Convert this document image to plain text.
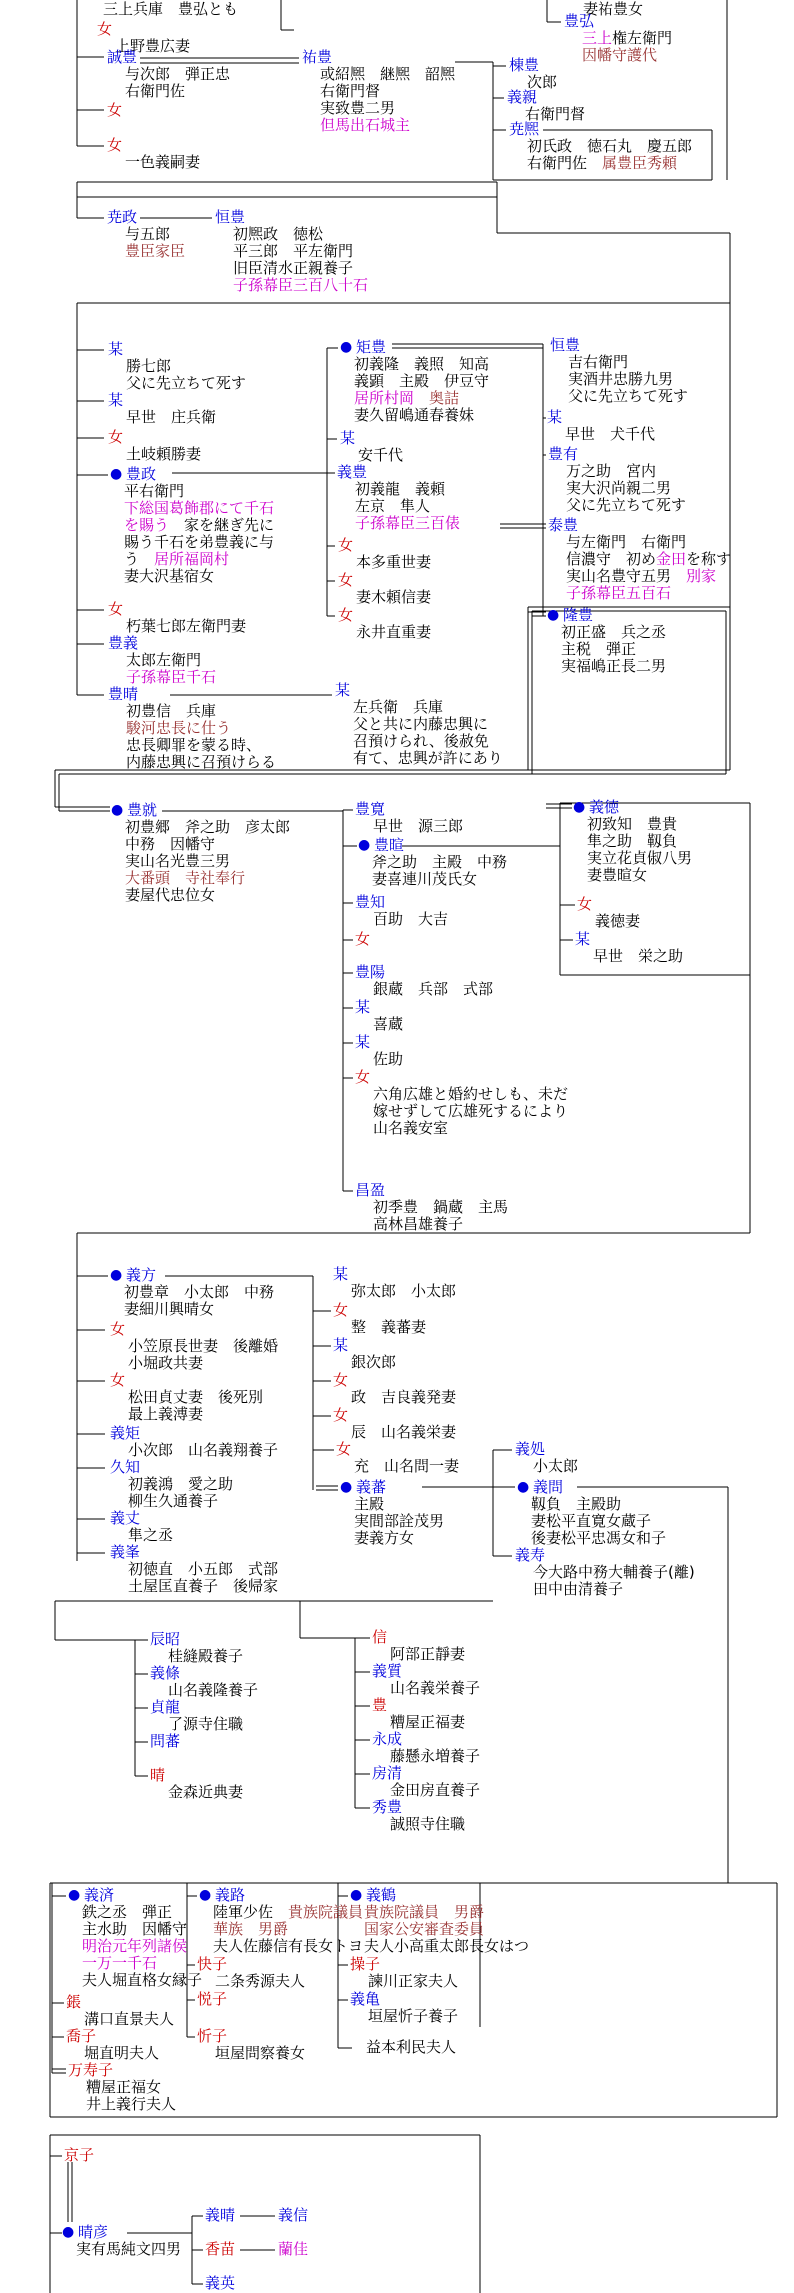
三上兵庫　豊弘とも
女
上野豊広妻
妻祐豊女
豊弘
三上権左衛門
因幡守護代
誠豊
与次郎　弾正忠
右衛門佐
祐豊
或紹熈　継熈　韶熈
右衛門督
実致豊二男
但馬出石城主
棟豊
次郎
義親
右衛門督
尭熈
初氏政　徳石丸　慶五郎
右衛門佐　属豊臣秀頼
女
女
一色義嗣妻
尭政
与五郎
豊臣家臣
恒豊
初熈政　徳松
平三郎　平左衛門
旧臣清水正親養子
子孫幕臣三百八十石
某
勝七郎
父に先立ちて死す
某
早世　庄兵衛
女
土岐頼勝妻
● 豊政
平右衛門
下総国葛飾郡にて千石
を賜う　家を継ぎ先に
賜う千石を弟豊義に与
う　居所福岡村
妻大沢基宿女
女
朽葉七郎左衛門妻
豊義
太郎左衛門
子孫幕臣千石
豊晴
初豊信　兵庫
駿河忠長に仕う
忠長卿罪を蒙る時、
内藤忠興に召預けらる
● 矩豊
初義隆　義照　知高
義顕　主殿　伊豆守
居所村岡　 奥詰
妻久留嶋通春養妹
某
安千代
義豊
初義龍　義頼
左京　隼人
子孫幕臣三百俵
女
本多重世妻
女
妻木頼信妻
女
永井直重妻
某
左兵衛　兵庫
父と共に内藤忠興に
召預けられ、後赦免
有て、忠興が許にあり
恒豊
吉右衛門
実酒井忠勝九男
父に先立ちて死す
某
早世　犬千代
豊有
万之助　宮内
実大沢尚親二男
父に先立ちて死す
泰豊
与左衛門　右衛門
信濃守　初め金田を称す
実山名豊守五男　別家
子孫幕臣五百石
● 隆豊
初正盛　兵之丞
主税　弾正
実福嶋正長二男
● 豊就
初豊郷　斧之助　彦太郎
中務　因幡守
実山名光豊三男
大番頭　寺社奉行
妻屋代忠位女
豊寛
早世　源三郎
● 豊暄
斧之助　主殿　中務
妻喜連川茂氏女
豊知
百助　大吉
女
豊陽
銀蔵　兵部　式部
某
喜蔵
某
佐助
女
六角広雄と婚約せしも、未だ
嫁せずして広雄死するにより
山名義安室
昌盈
初季豊　鍋蔵　主馬
高林昌雄養子
● 義徳
初致知　豊貴
隼之助　靱負
実立花貞俶八男
妻豊暄女
女
義徳妻
某
早世　栄之助
● 義方
初豊章　小太郎　中務
妻細川興晴女
女
小笠原長世妻　後離婚
小堀政共妻
女
松田貞丈妻　後死別
最上義溥妻
義矩
小次郎　山名義翔養子
久知
初義鴻　愛之助
柳生久通養子
義丈
隼之丞
義峯
初徳直　小五郎　式部
土屋匡直養子　後帰家
某
弥太郎　小太郎
女
整　義蕃妻
某
銀次郎
女
政　吉良義発妻
女
辰　山名義栄妻
女
充　山名問一妻
● 義蕃
主殿
実間部詮茂男
妻義方女
義処
小太郎
● 義問
靱負　主殿助
妻松平直寛女蔵子
後妻松平忠馮女和子
義寿
今大路中務大輔養子(離)
田中由清養子
辰昭
桂縫殿養子
義條
山名義隆養子
貞龍
了源寺住職
問蕃
晴
金森近典妻
信
阿部正靜妻
義質
山名義栄養子
豊
糟屋正福妻
永成
藤懸永増養子
房清
金田房直養子
秀豊
誠照寺住職
● 義済
鉄之丞　弾正
主水助　因幡守
明治元年列諸侯
一万一千石
夫人堀直格女縁子
鋹
溝口直景夫人
喬子
堀直明夫人
万寿子
糟屋正福女
井上義行夫人
● 義路
陸軍少佐　貴族院議員
華族　男爵
夫人佐藤信有長女トヨ
快子
二条秀源夫人
悦子
忻子
垣屋問察養女
● 義鶴
貴族院議員　男爵
国家公安審査委員
夫人小高重太郎長女はつ
操子
諫川正家夫人
義亀
垣屋忻子養子
益本利民夫人
京子
● 晴彦
実有馬純文四男
義晴	義信
香苗	蘭佳
義英
